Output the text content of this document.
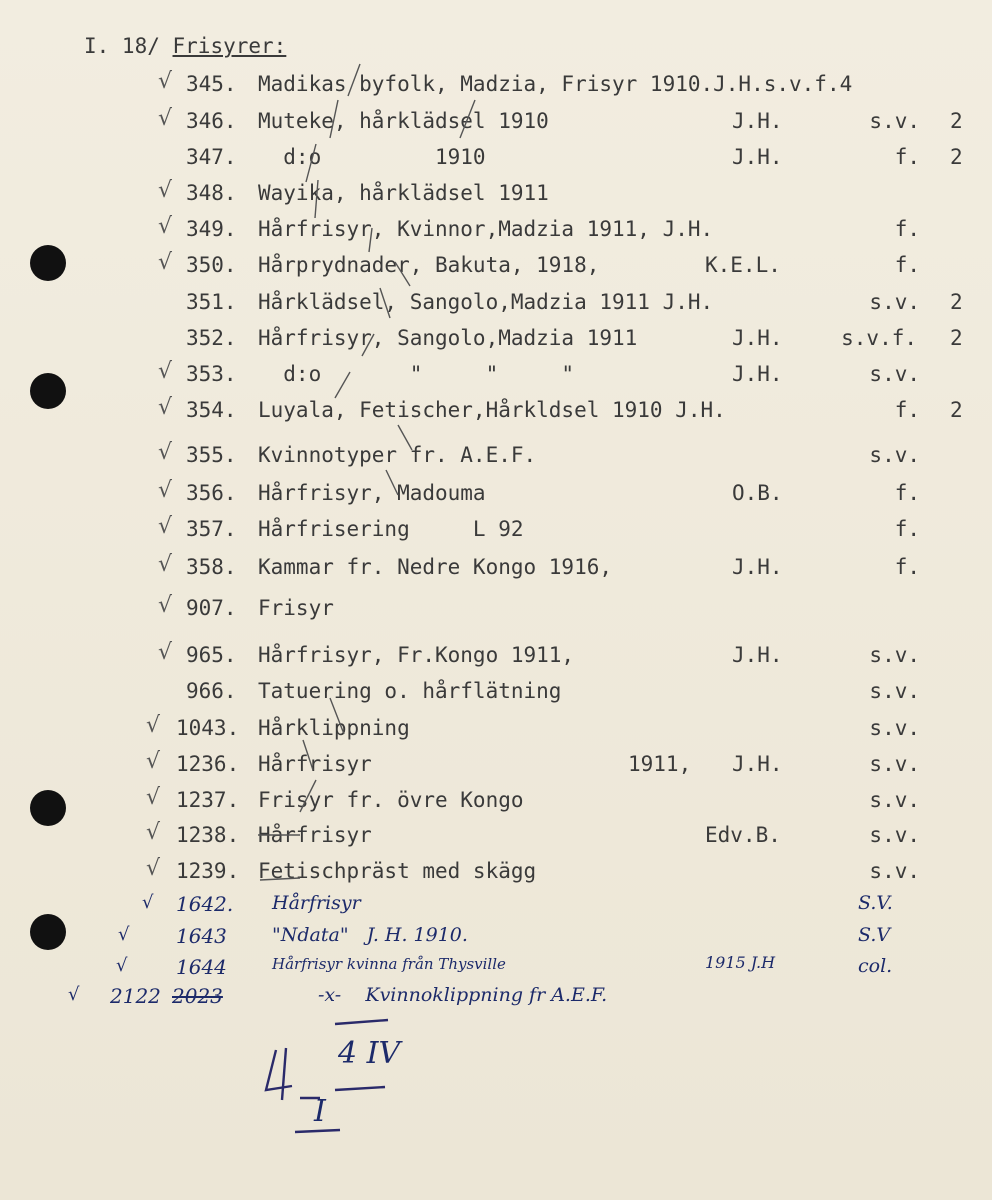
I. 18/ Frisyrer:
√ 345. Madikas byfolk, Madzia, Frisyr 1910.J.H.s.v.f.4
√ 346. Muteke, hårklädsel 1910	J.H.	s.v. 2
347. d:o         1910	J.H.	f. 2
√ 348. Wayika, hårklädsel 1911
√ 349. Hårfrisyr, Kvinnor,Madzia 1911, J.H.	f.
√ 350. Hårprydnader, Bakuta, 1918,	K.E.L.	f.
351. Hårklädsel, Sangolo,Madzia 1911 J.H.	s.v. 2
352. Hårfrisyr, Sangolo,Madzia 1911	J.H.	s.v.f. 2
√ 353. d:o       "     "     "	J.H.	s.v.
√ 354. Luyala, Fetischer,Hårkldsel 1910 J.H.	f. 2
√ 355. Kvinnotyper fr. A.E.F.	s.v.
√ 356. Hårfrisyr, Madouma	O.B.	f.
√ 357. Hårfrisering     L 92	f.
√ 358. Kammar fr. Nedre Kongo 1916,	J.H.	f.
√ 907. Frisyr
√ 965. Hårfrisyr, Fr.Kongo 1911,	J.H.	s.v.
966. Tatuering o. hårflätning	s.v.
√ 1043. Hårklippning	s.v.
√ 1236. Hårfrisyr	1911, J.H.	s.v.
√ 1237. Frisyr fr. övre Kongo	s.v.
√ 1238. Hårfrisyr	Edv.B.	s.v.
√ 1239. Fetischpräst med skägg	s.v.
√ 1642. Hårfrisyr	S.V.
√ 1643 "Ndata"   J. H. 1910.	S.V
√ 1644	Hårfrisyr kvinna från Thysville	1915 J.H	col.
√ 2122 2023	-x-    Kvinnoklippning fr A.E.F.
4 IV
I
